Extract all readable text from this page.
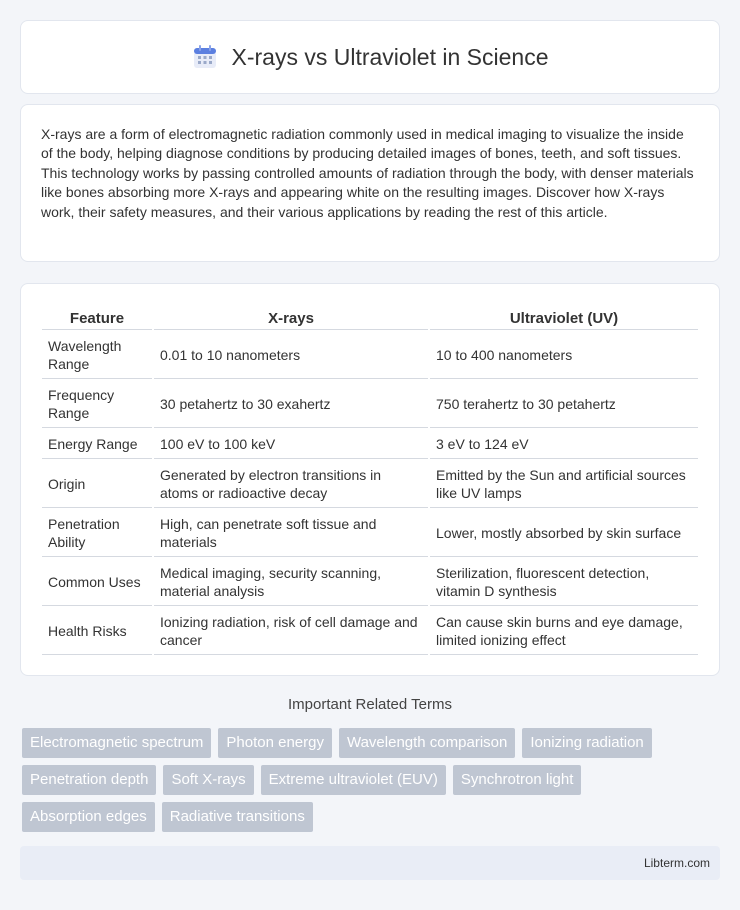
X-rays vs Ultraviolet in Science

X-rays are a form of electromagnetic radiation commonly used in medical imaging to visualize the inside of the body, helping diagnose conditions by producing detailed images of bones, teeth, and soft tissues. This technology works by passing controlled amounts of radiation through the body, with denser materials like bones absorbing more X-rays and appearing white on the resulting images. Discover how X-rays work, their safety measures, and their various applications by reading the rest of this article.

Feature	X-rays	Ultraviolet (UV)
Wavelength Range	0.01 to 10 nanometers	10 to 400 nanometers
Frequency Range	30 petahertz to 30 exahertz	750 terahertz to 30 petahertz
Energy Range	100 eV to 100 keV	3 eV to 124 eV
Origin	Generated by electron transitions in atoms or radioactive decay	Emitted by the Sun and artificial sources like UV lamps
Penetration Ability	High, can penetrate soft tissue and materials	Lower, mostly absorbed by skin surface
Common Uses	Medical imaging, security scanning, material analysis	Sterilization, fluorescent detection, vitamin D synthesis
Health Risks	Ionizing radiation, risk of cell damage and cancer	Can cause skin burns and eye damage, limited ionizing effect
Important Related Terms
Electromagnetic spectrum	Photon energy	Wavelength comparison	Ionizing radiation
Penetration depth	Soft X-rays	Extreme ultraviolet (EUV)	Synchrotron light
Absorption edges	Radiative transitions
Libterm.com
